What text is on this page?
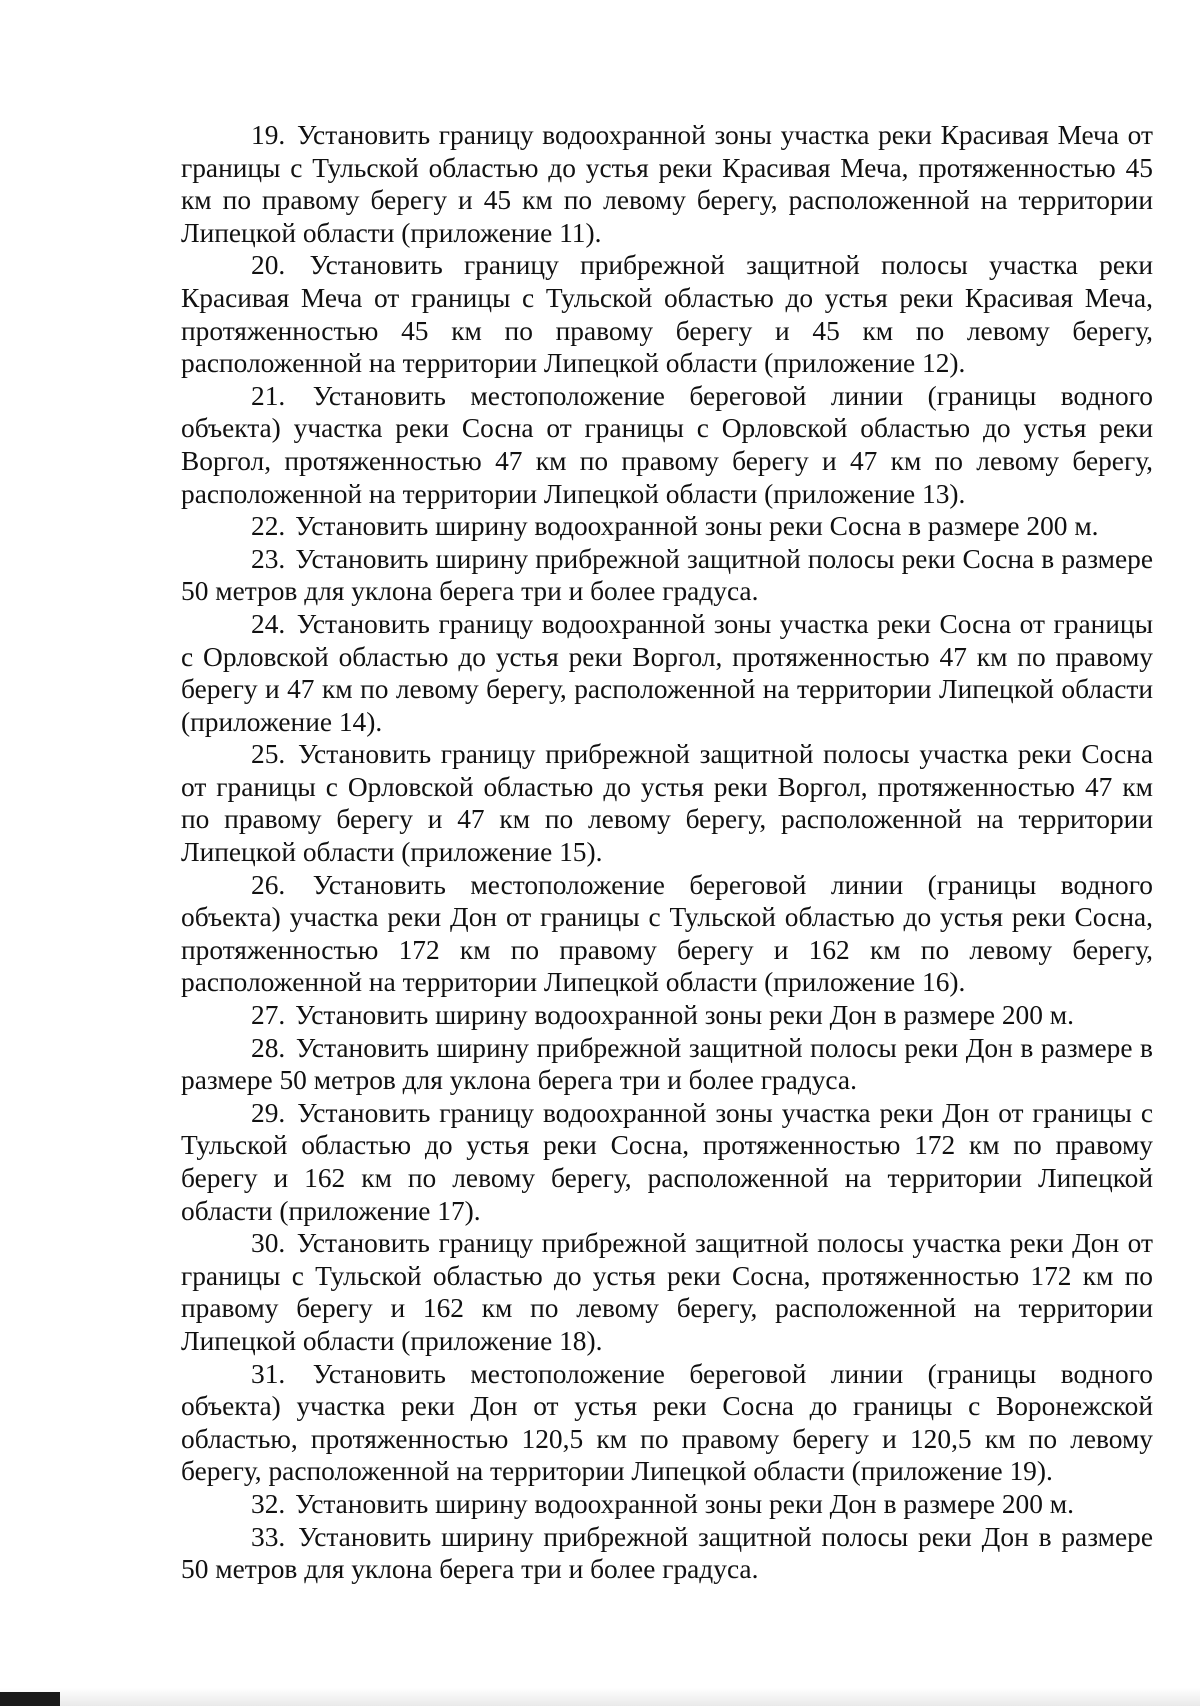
19. Установить границу водоохранной зоны участка реки Красивая Меча от границы с Тульской областью до устья реки Красивая Меча, протяженностью 45 км по правому берегу и 45 км по левому берегу, расположенной на территории Липецкой области (приложение 11).

20. Установить границу прибрежной защитной полосы участка реки Красивая Меча от границы с Тульской областью до устья реки Красивая Меча, протяженностью 45 км по правому берегу и 45 км по левому берегу, расположенной на территории Липецкой области (приложение 12).

21. Установить местоположение береговой линии (границы водного объекта) участка реки Сосна от границы с Орловской областью до устья реки Воргол, протяженностью 47 км по правому берегу и 47 км по левому берегу, расположенной на территории Липецкой области (приложение 13).

22. Установить ширину водоохранной зоны реки Сосна в размере 200 м.

23. Установить ширину прибрежной защитной полосы реки Сосна в размере 50 метров для уклона берега три и более градуса.

24. Установить границу водоохранной зоны участка реки Сосна от границы с Орловской областью до устья реки Воргол, протяженностью 47 км по правому берегу и 47 км по левому берегу, расположенной на территории Липецкой области (приложение 14).

25. Установить границу прибрежной защитной полосы участка реки Сосна от границы с Орловской областью до устья реки Воргол, протяженностью 47 км по правому берегу и 47 км по левому берегу, расположенной на территории Липецкой области (приложение 15).

26. Установить местоположение береговой линии (границы водного объекта) участка реки Дон от границы с Тульской областью до устья реки Сосна, протяженностью 172 км по правому берегу и 162 км по левому берегу, расположенной на территории Липецкой области (приложение 16).

27. Установить ширину водоохранной зоны реки Дон в размере 200 м.

28. Установить ширину прибрежной защитной полосы реки Дон в размере в размере 50 метров для уклона берега три и более градуса.

29. Установить границу водоохранной зоны участка реки Дон от границы с Тульской областью до устья реки Сосна, протяженностью 172 км по правому берегу и 162 км по левому берегу, расположенной на территории Липецкой области (приложение 17).

30. Установить границу прибрежной защитной полосы участка реки Дон от границы с Тульской областью до устья реки Сосна, протяженностью 172 км по правому берегу и 162 км по левому берегу, расположенной на территории Липецкой области (приложение 18).

31. Установить местоположение береговой линии (границы водного объекта) участка реки Дон от устья реки Сосна до границы с Воронежской областью, протяженностью 120,5 км по правому берегу и 120,5 км по левому берегу, расположенной на территории Липецкой области (приложение 19).

32. Установить ширину водоохранной зоны реки Дон в размере 200 м.

33. Установить ширину прибрежной защитной полосы реки Дон в размере 50 метров для уклона берега три и более градуса.
